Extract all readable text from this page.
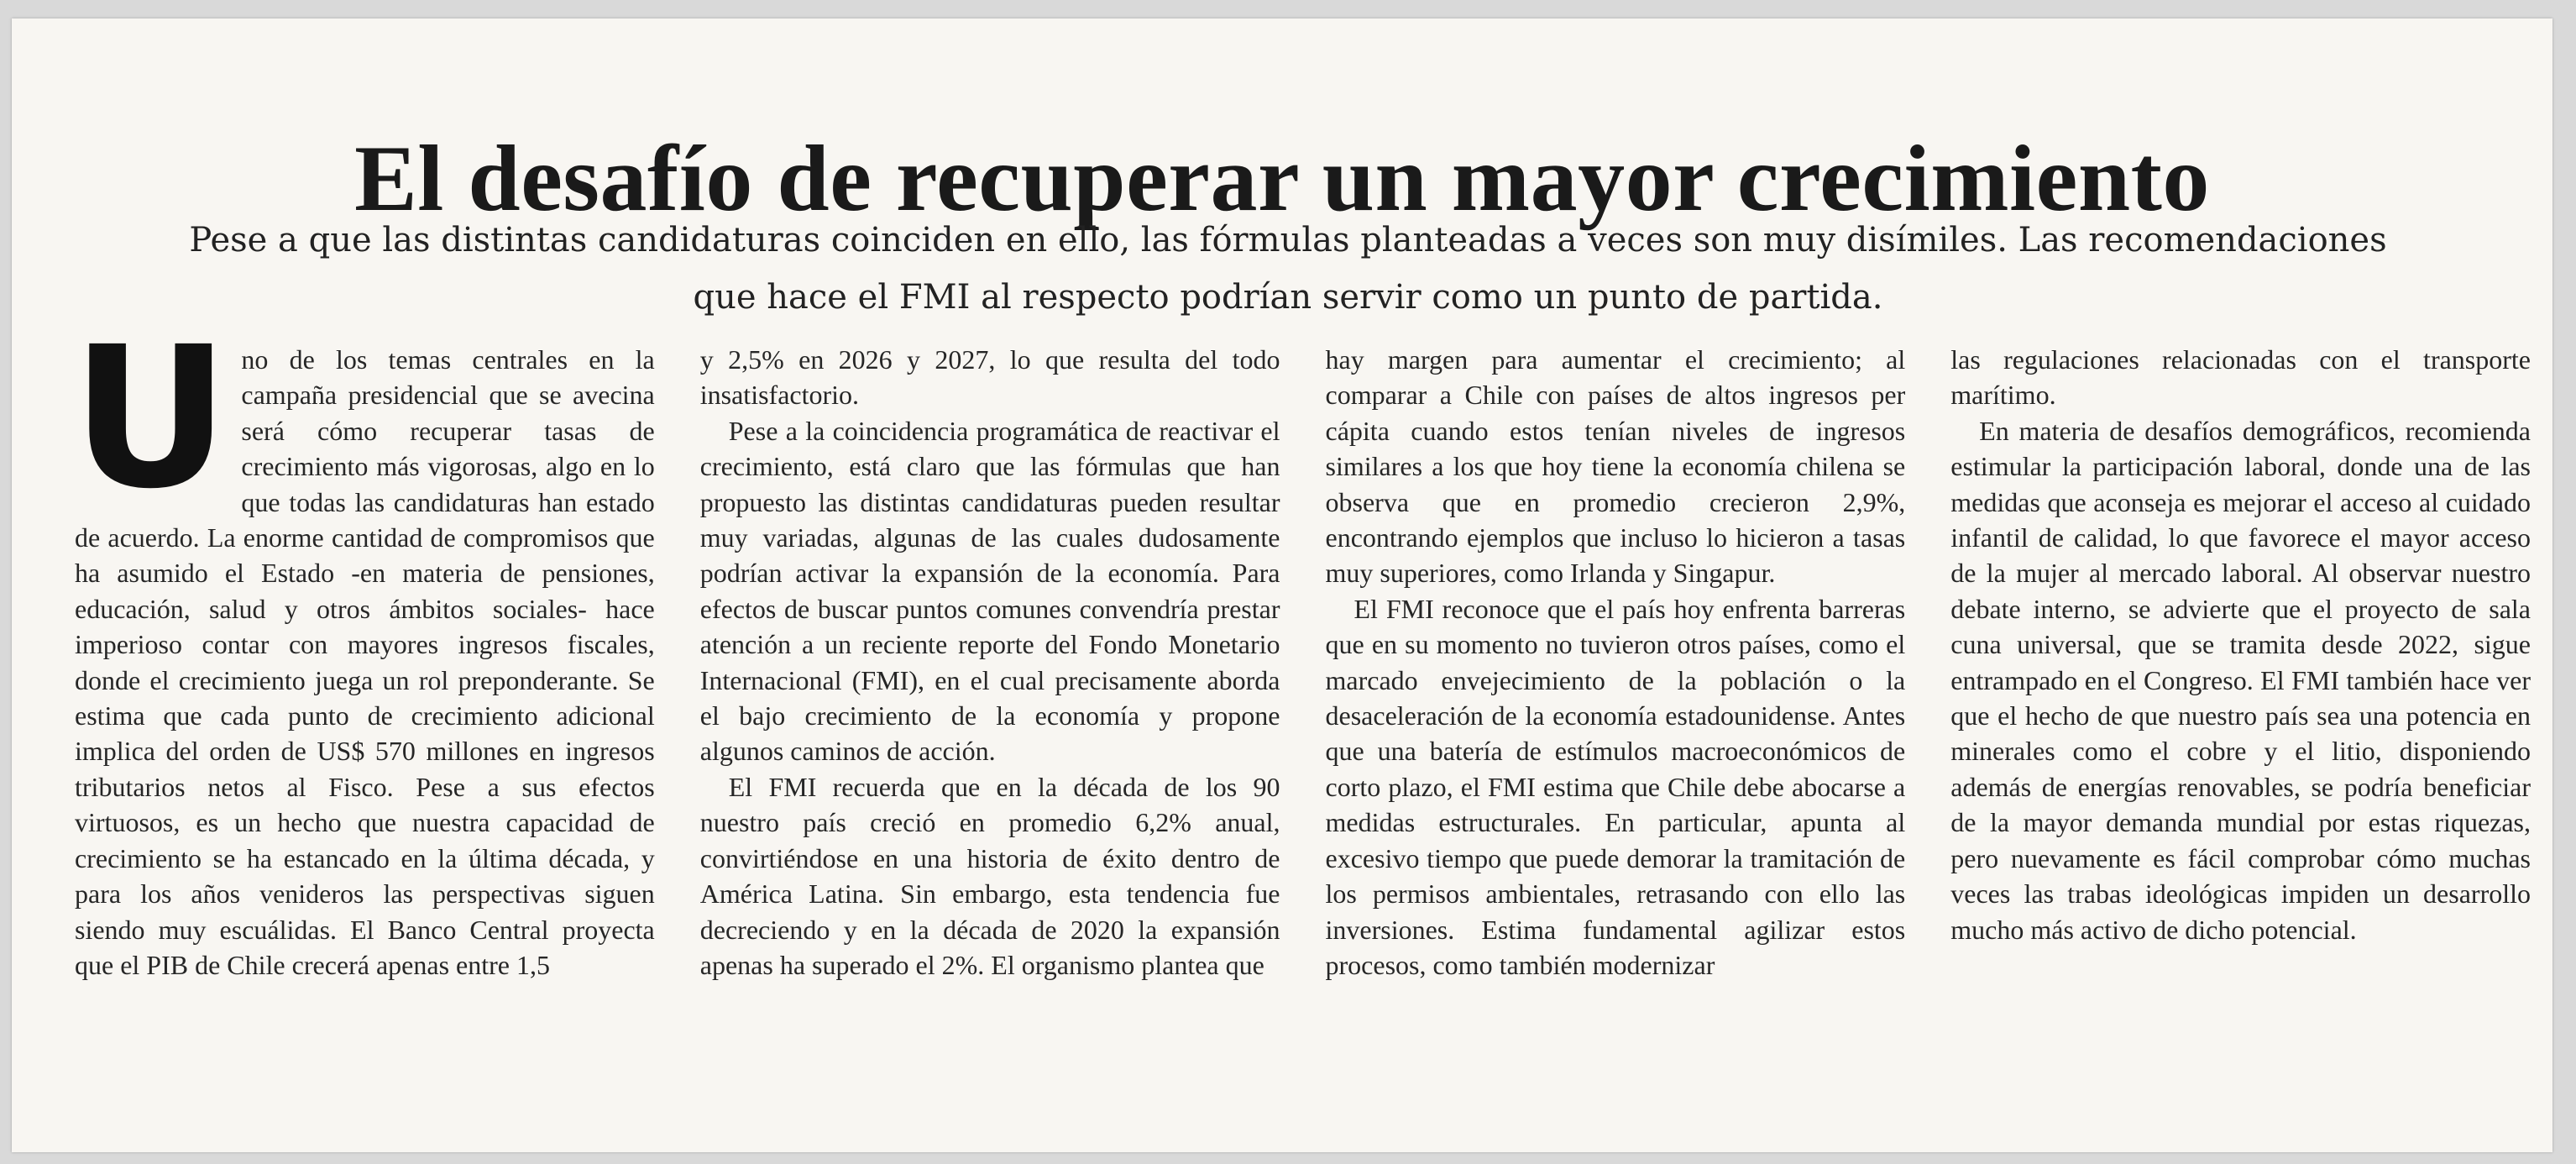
El desafío de recuperar un mayor crecimiento
Pese a que las distintas candidaturas coinciden en ello, las fórmulas planteadas a veces son muy disímiles. Las recomendaciones que hace el FMI al respecto podrían servir como un punto de partida.

Uno de los temas centrales en la campaña presidencial que se avecina será cómo recuperar tasas de crecimiento más vigorosas, algo en lo que todas las candidaturas han estado de acuerdo. La enorme cantidad de compromisos que ha asumido el Estado -en materia de pensiones, educación, salud y otros ámbitos sociales- hace imperioso contar con mayores ingresos fiscales, donde el crecimiento juega un rol preponderante. Se estima que cada punto de crecimiento adicional implica del orden de US$ 570 millones en ingresos tributarios netos al Fisco. Pese a sus efectos virtuosos, es un hecho que nuestra capacidad de crecimiento se ha estancado en la última década, y para los años venideros las perspectivas siguen siendo muy escuálidas. El Banco Central proyecta que el PIB de Chile crecerá apenas entre 1,5

y 2,5% en 2026 y 2027, lo que resulta del todo insatisfactorio.

Pese a la coincidencia programática de reactivar el crecimiento, está claro que las fórmulas que han propuesto las distintas candidaturas pueden resultar muy variadas, algunas de las cuales dudosamente podrían activar la expansión de la economía. Para efectos de buscar puntos comunes convendría prestar atención a un reciente reporte del Fondo Monetario Internacional (FMI), en el cual precisamente aborda el bajo crecimiento de la economía y propone algunos caminos de acción.

El FMI recuerda que en la década de los 90 nuestro país creció en promedio 6,2% anual, convirtiéndose en una historia de éxito dentro de América Latina. Sin embargo, esta tendencia fue decreciendo y en la década de 2020 la expansión apenas ha superado el 2%. El organismo plantea que

hay margen para aumentar el crecimiento; al comparar a Chile con países de altos ingresos per cápita cuando estos tenían niveles de ingresos similares a los que hoy tiene la economía chilena se observa que en promedio crecieron 2,9%, encontrando ejemplos que incluso lo hicieron a tasas muy superiores, como Irlanda y Singapur.

El FMI reconoce que el país hoy enfrenta barreras que en su momento no tuvieron otros países, como el marcado envejecimiento de la población o la desaceleración de la economía estadounidense. Antes que una batería de estímulos macroeconómicos de corto plazo, el FMI estima que Chile debe abocarse a medidas estructurales. En particular, apunta al excesivo tiempo que puede demorar la tramitación de los permisos ambientales, retrasando con ello las inversiones. Estima fundamental agilizar estos procesos, como también modernizar

las regulaciones relacionadas con el transporte marítimo.

En materia de desafíos demográficos, recomienda estimular la participación laboral, donde una de las medidas que aconseja es mejorar el acceso al cuidado infantil de calidad, lo que favorece el mayor acceso de la mujer al mercado laboral. Al observar nuestro debate interno, se advierte que el proyecto de sala cuna universal, que se tramita desde 2022, sigue entrampado en el Congreso. El FMI también hace ver que el hecho de que nuestro país sea una potencia en minerales como el cobre y el litio, disponiendo además de energías renovables, se podría beneficiar de la mayor demanda mundial por estas riquezas, pero nuevamente es fácil comprobar cómo muchas veces las trabas ideológicas impiden un desarrollo mucho más activo de dicho potencial.
